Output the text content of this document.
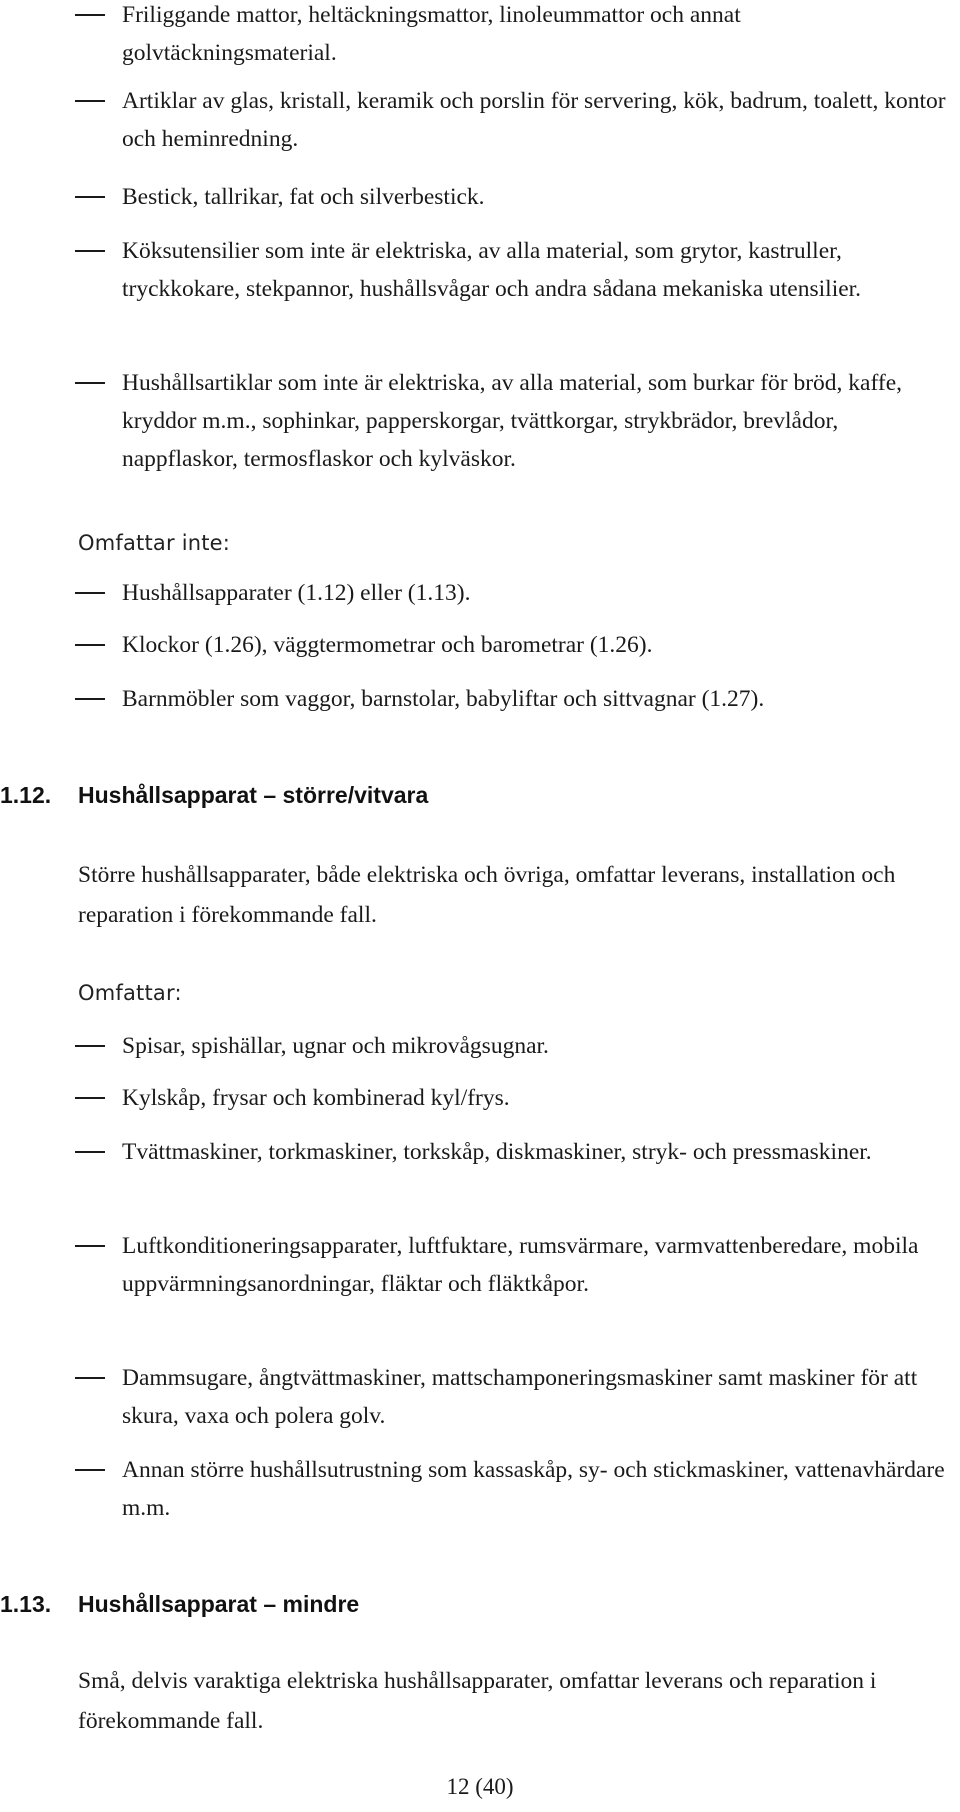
Friliggande mattor, heltäckningsmattor, linoleummattor och annat golvtäckningsmaterial.
Artiklar av glas, kristall, keramik och porslin för servering, kök, badrum, toalett, kontor och heminredning.
Bestick, tallrikar, fat och silverbestick.
Köksutensilier som inte är elektriska, av alla material, som grytor, kastruller, tryckkokare, stekpannor, hushållsvågar och andra sådana mekaniska utensilier.
Hushållsartiklar som inte är elektriska, av alla material, som burkar för bröd, kaffe, kryddor m.m., sophinkar, papperskorgar, tvättkorgar, strykbrädor, brevlådor, nappflaskor, termosflaskor och kylväskor.
Omfattar inte:
Hushållsapparater (1.12) eller (1.13).
Klockor (1.26), väggtermometrar och barometrar (1.26).
Barnmöbler som vaggor, barnstolar, babyliftar och sittvagnar (1.27).
1.12. Hushållsapparat – större/vitvara
Större hushållsapparater, både elektriska och övriga, omfattar leverans, installation och reparation i förekommande fall.
Omfattar:
Spisar, spishällar, ugnar och mikrovågsugnar.
Kylskåp, frysar och kombinerad kyl/frys.
Tvättmaskiner, torkmaskiner, torkskåp, diskmaskiner, stryk- och pressmaskiner.
Luftkonditioneringsapparater, luftfuktare, rumsvärmare, varmvattenberedare, mobila uppvärmningsanordningar, fläktar och fläktkåpor.
Dammsugare, ångtvättmaskiner, mattschamponeringsmaskiner samt maskiner för att skura, vaxa och polera golv.
Annan större hushållsutrustning som kassaskåp, sy- och stickmaskiner, vattenavhärdare m.m.
1.13. Hushållsapparat – mindre
Små, delvis varaktiga elektriska hushållsapparater, omfattar leverans och reparation i förekommande fall.
12 (40)
